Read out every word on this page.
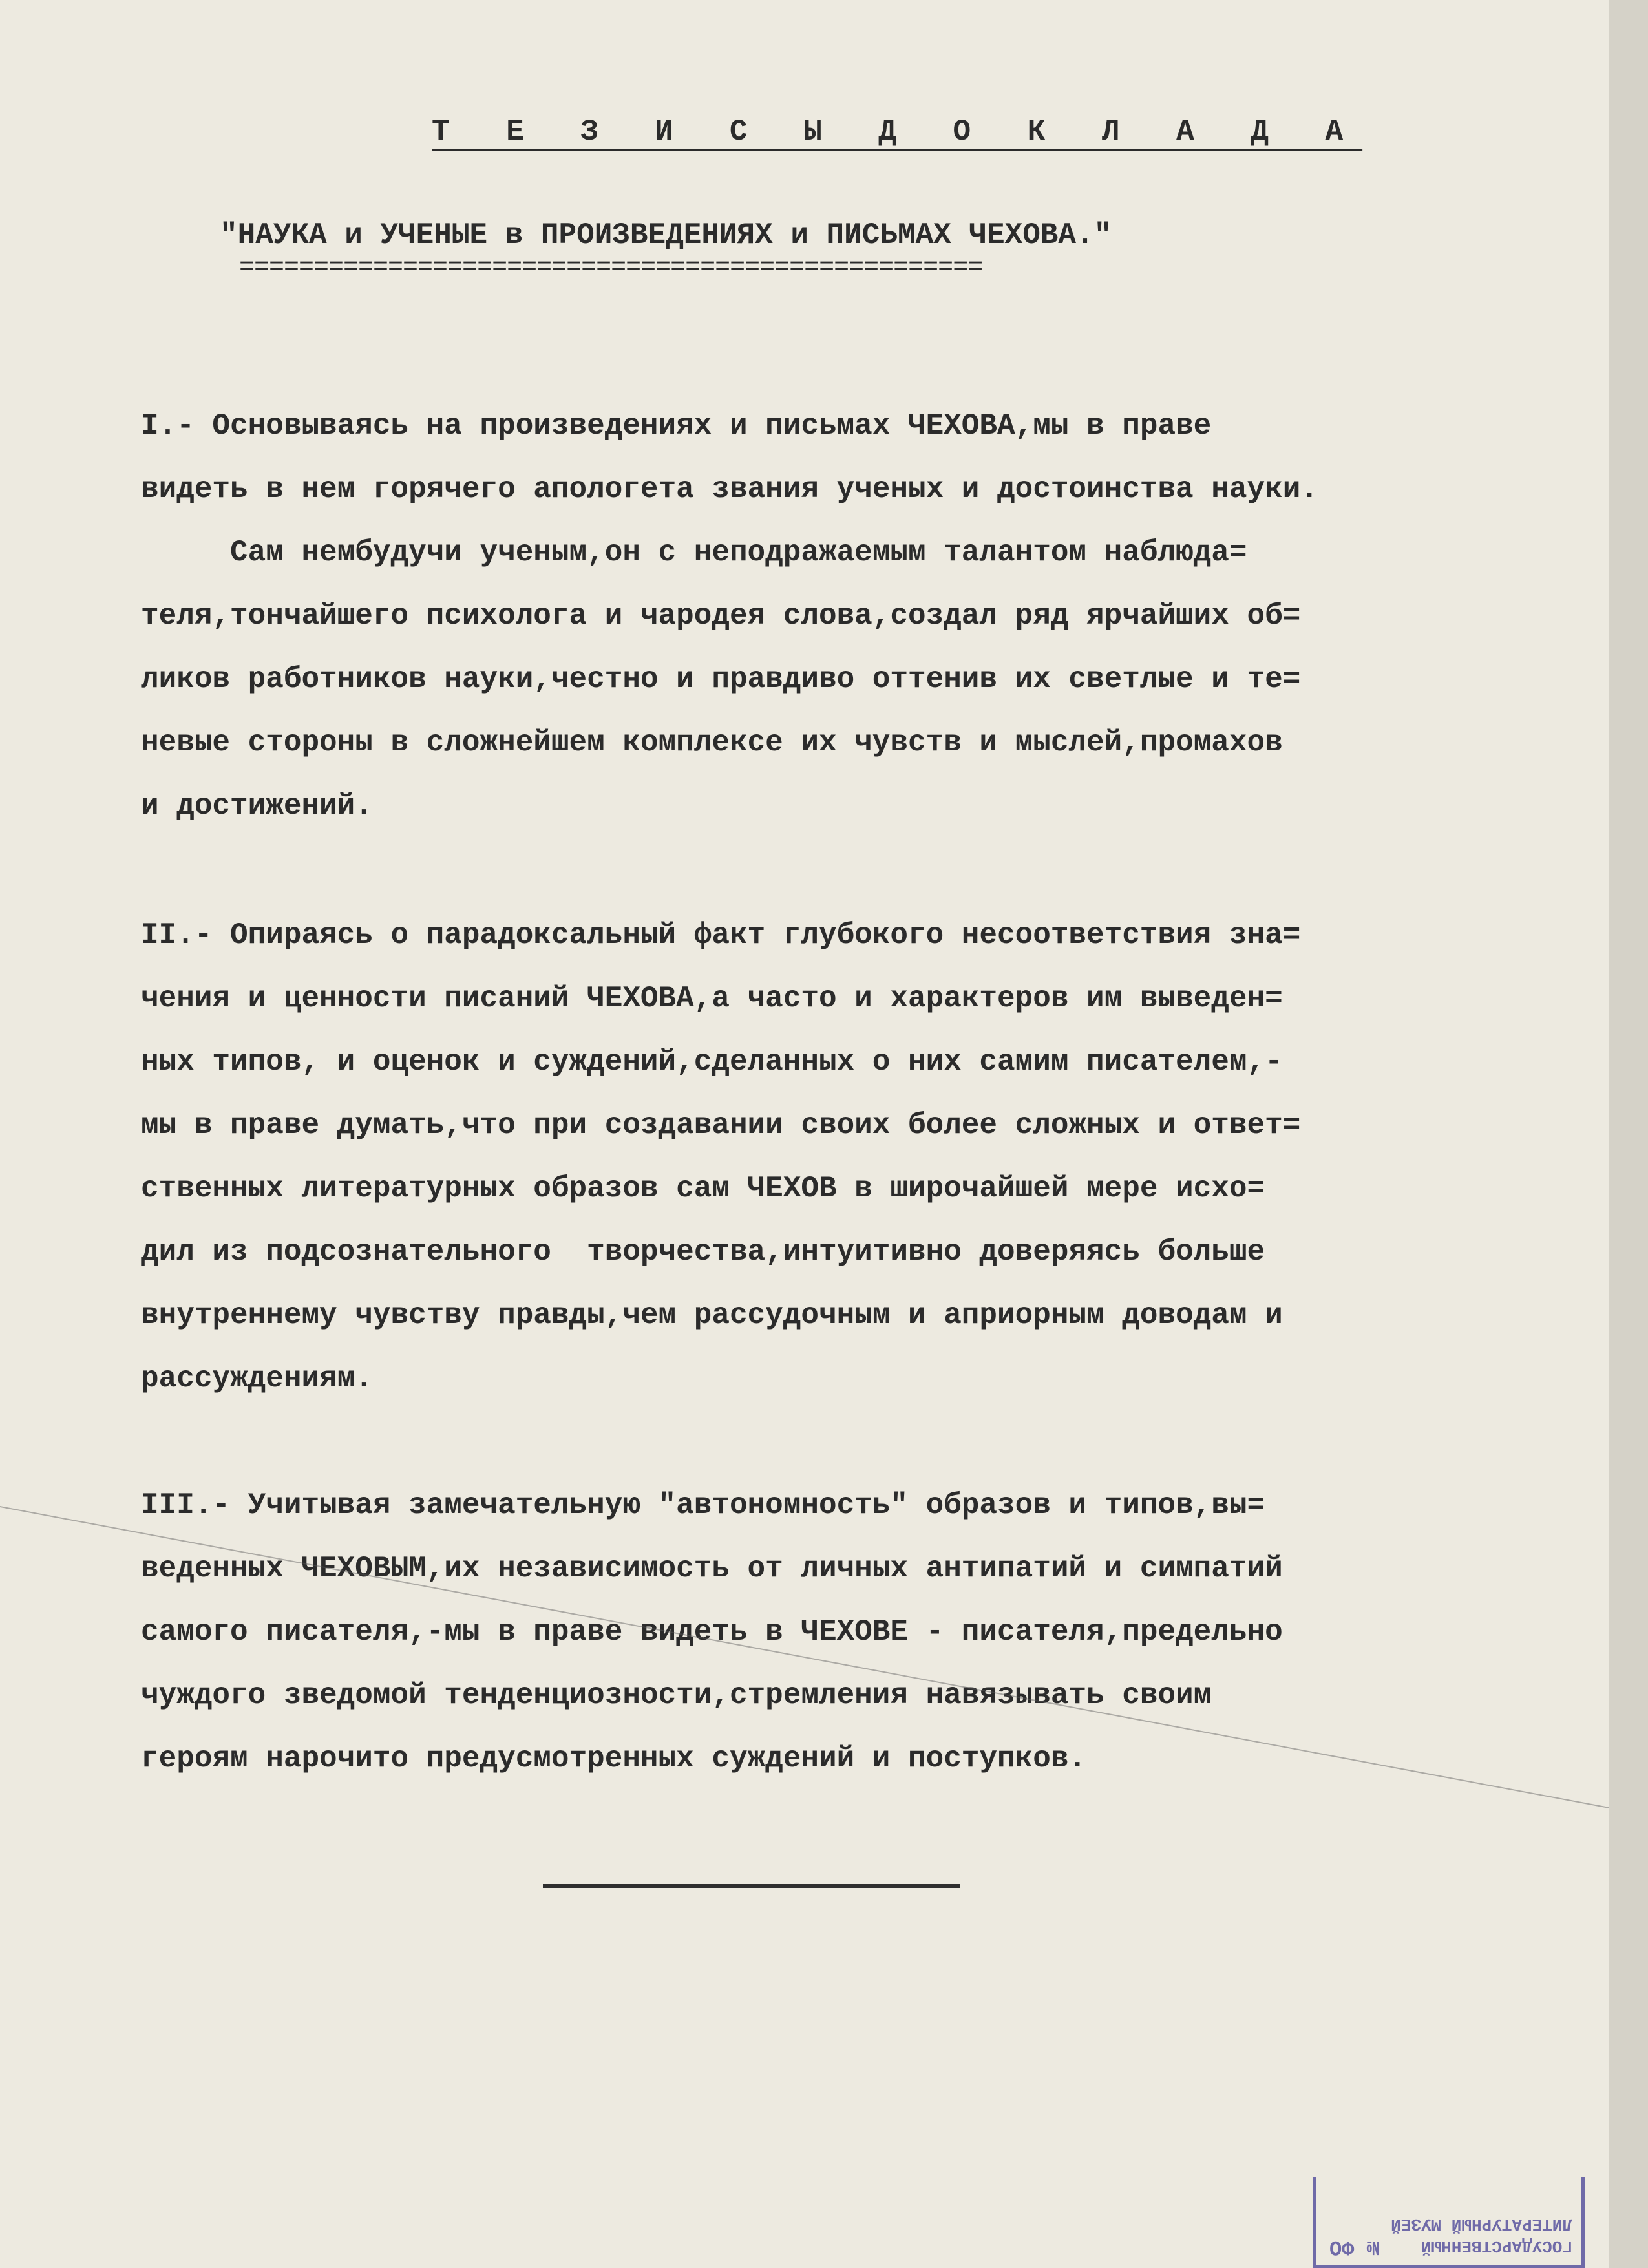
Т Е З И С Ы Д О К Л А Д А
"НАУКА и УЧЕНЫЕ в ПРОИЗВЕДЕНИЯХ и ПИСЬМАХ ЧЕХОВА."
==================================================
I.- Основываясь на произведениях и письмах ЧЕХОВА,мы в праве
видеть в нем горячего апологета звания ученых и достоинства науки.
Сам нембудучи ученым,он с неподражаемым талантом наблюда=
теля,тончайшего психолога и чародея слова,создал ряд ярчайших об=
ликов работников науки,честно и правдиво оттенив их светлые и те=
невые стороны в сложнейшем комплексе их чувств и мыслей,промахов
и достижений.
II.- Опираясь о парадоксальный факт глубокого несоответствия зна=
чения и ценности писаний ЧЕХОВА,а часто и характеров им выведен=
ных типов, и оценок и суждений,сделанных о них самим писателем,-
мы в праве думать,что при создавании своих более сложных и ответ=
ственных литературных образов сам ЧЕХОВ в широчайшей мере исхо=
дил из подсознательного  творчества,интуитивно доверяясь больше
внутреннему чувству правды,чем рассудочным и априорным доводам и
рассуждениям.
III.- Учитывая замечательную "автономность" образов и типов,вы=
веденных ЧЕХОВЫМ,их независимость от личных антипатий и симпатий
самого писателя,-мы в праве видеть в ЧЕХОВЕ - писателя,предельно
чуждого зведомой тенденциозности,стремления навязывать своим
героям нарочито предусмотренных суждений и поступков.
ГОСУДАРСТВЕННЫЙ
ЛИТЕРАТУРНЫЙ МУЗЕЙ
№ ФО
